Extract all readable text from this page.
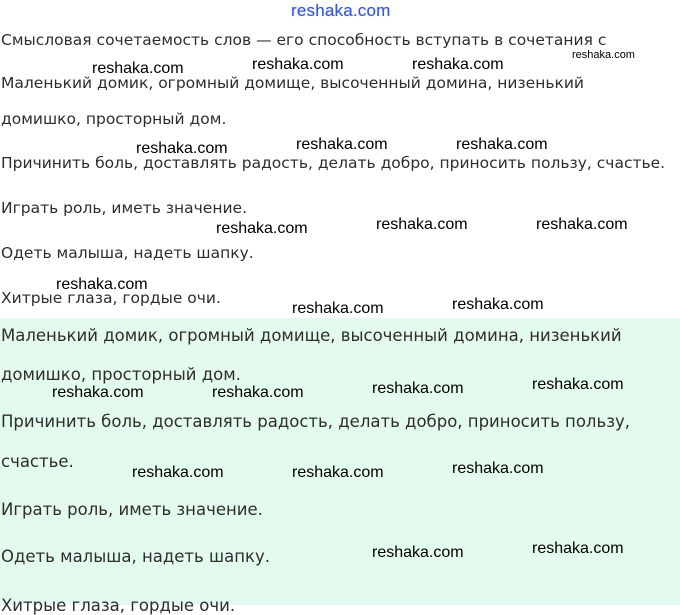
Смысловая сочетаемость слов — его способность вступать в сочетания с
Маленький домик, огромный домище, высоченный домина, низенький
домишко, просторный дом.
Причинить боль, доставлять радость, делать добро, приносить пользу, счастье.
Играть роль, иметь значение.
Одеть малыша, надеть шапку.
Хитрые глаза, гордые очи.
Маленький домик, огромный домище, высоченный домина, низенький
домишко, просторный дом.
Причинить боль, доставлять радость, делать добро, приносить пользу,
счастье.
Играть роль, иметь значение.
Одеть малыша, надеть шапку.
Хитрые глаза, гордые очи.
reshaka.com
reshaka.com	reshaka.com	reshaka.com
reshaka.com
reshaka.com	reshaka.com	reshaka.com
reshaka.com	reshaka.com	reshaka.com
reshaka.com
reshaka.com	reshaka.com
reshaka.com
reshaka.com	reshaka.com	reshaka.com
reshaka.com	reshaka.com	reshaka.com
reshaka.com	reshaka.com
